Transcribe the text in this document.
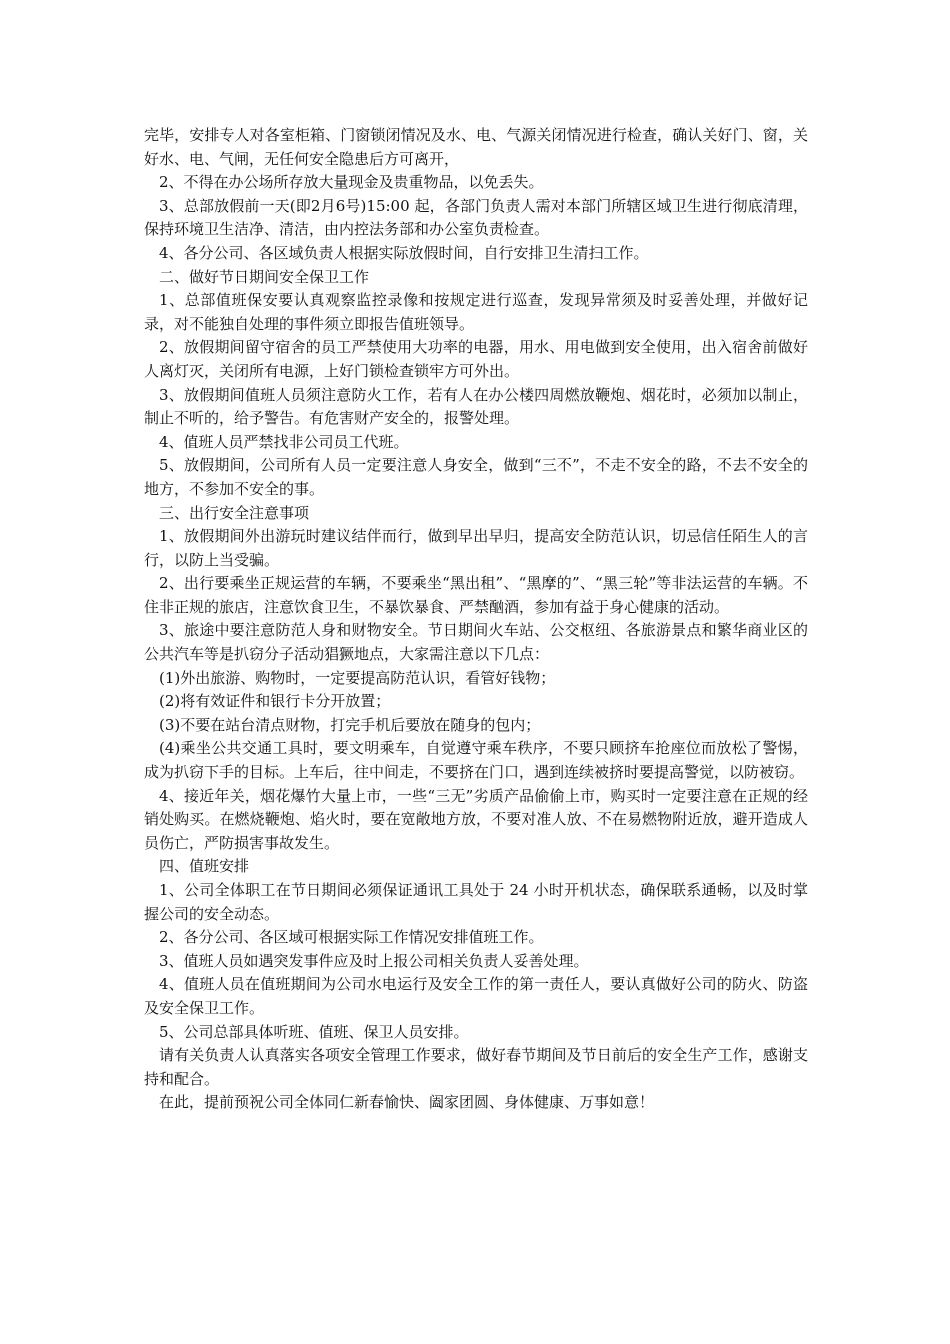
完毕，安排专人对各室柜箱、门窗锁闭情况及水、电、气源关闭情况进行检查，确认关好门、窗，关好水、电、气闸，无任何安全隐患后方可离开，

2、不得在办公场所存放大量现金及贵重物品，以免丢失。

3、总部放假前一天(即2月6号)15:00 起，各部门负责人需对本部门所辖区域卫生进行彻底清理，保持环境卫生洁净、清洁，由内控法务部和办公室负责检查。

4、各分公司、各区域负责人根据实际放假时间，自行安排卫生清扫工作。

二、做好节日期间安全保卫工作

1、总部值班保安要认真观察监控录像和按规定进行巡查，发现异常须及时妥善处理，并做好记录，对不能独自处理的事件须立即报告值班领导。

2、放假期间留守宿舍的员工严禁使用大功率的电器，用水、用电做到安全使用，出入宿舍前做好人离灯灭，关闭所有电源，上好门锁检查锁牢方可外出。

3、放假期间值班人员须注意防火工作，若有人在办公楼四周燃放鞭炮、烟花时，必须加以制止，制止不听的，给予警告。有危害财产安全的，报警处理。

4、值班人员严禁找非公司员工代班。

5、放假期间，公司所有人员一定要注意人身安全，做到“三不”，不走不安全的路，不去不安全的地方，不参加不安全的事。

三、出行安全注意事项

1、放假期间外出游玩时建议结伴而行，做到早出早归，提高安全防范认识，切忌信任陌生人的言行，以防上当受骗。

2、出行要乘坐正规运营的车辆，不要乘坐“黑出租”、“黑摩的”、“黑三轮”等非法运营的车辆。不住非正规的旅店，注意饮食卫生，不暴饮暴食、严禁酗酒，参加有益于身心健康的活动。

3、旅途中要注意防范人身和财物安全。节日期间火车站、公交枢纽、各旅游景点和繁华商业区的公共汽车等是扒窃分子活动猖獗地点，大家需注意以下几点：

(1)外出旅游、购物时，一定要提高防范认识，看管好钱物；

(2)将有效证件和银行卡分开放置；

(3)不要在站台清点财物，打完手机后要放在随身的包内；

(4)乘坐公共交通工具时，要文明乘车，自觉遵守乘车秩序，不要只顾挤车抢座位而放松了警惕，成为扒窃下手的目标。上车后，往中间走，不要挤在门口，遇到连续被挤时要提高警觉，以防被窃。

4、接近年关，烟花爆竹大量上市，一些“三无”劣质产品偷偷上市，购买时一定要注意在正规的经销处购买。在燃烧鞭炮、焰火时，要在宽敞地方放，不要对准人放、不在易燃物附近放，避开造成人员伤亡，严防损害事故发生。

四、值班安排

1、公司全体职工在节日期间必须保证通讯工具处于 24 小时开机状态，确保联系通畅，以及时掌握公司的安全动态。

2、各分公司、各区域可根据实际工作情况安排值班工作。

3、值班人员如遇突发事件应及时上报公司相关负责人妥善处理。

4、值班人员在值班期间为公司水电运行及安全工作的第一责任人，要认真做好公司的防火、防盗及安全保卫工作。

5、公司总部具体听班、值班、保卫人员安排。

请有关负责人认真落实各项安全管理工作要求，做好春节期间及节日前后的安全生产工作，感谢支持和配合。

在此，提前预祝公司全体同仁新春愉快、阖家团圆、身体健康、万事如意！
